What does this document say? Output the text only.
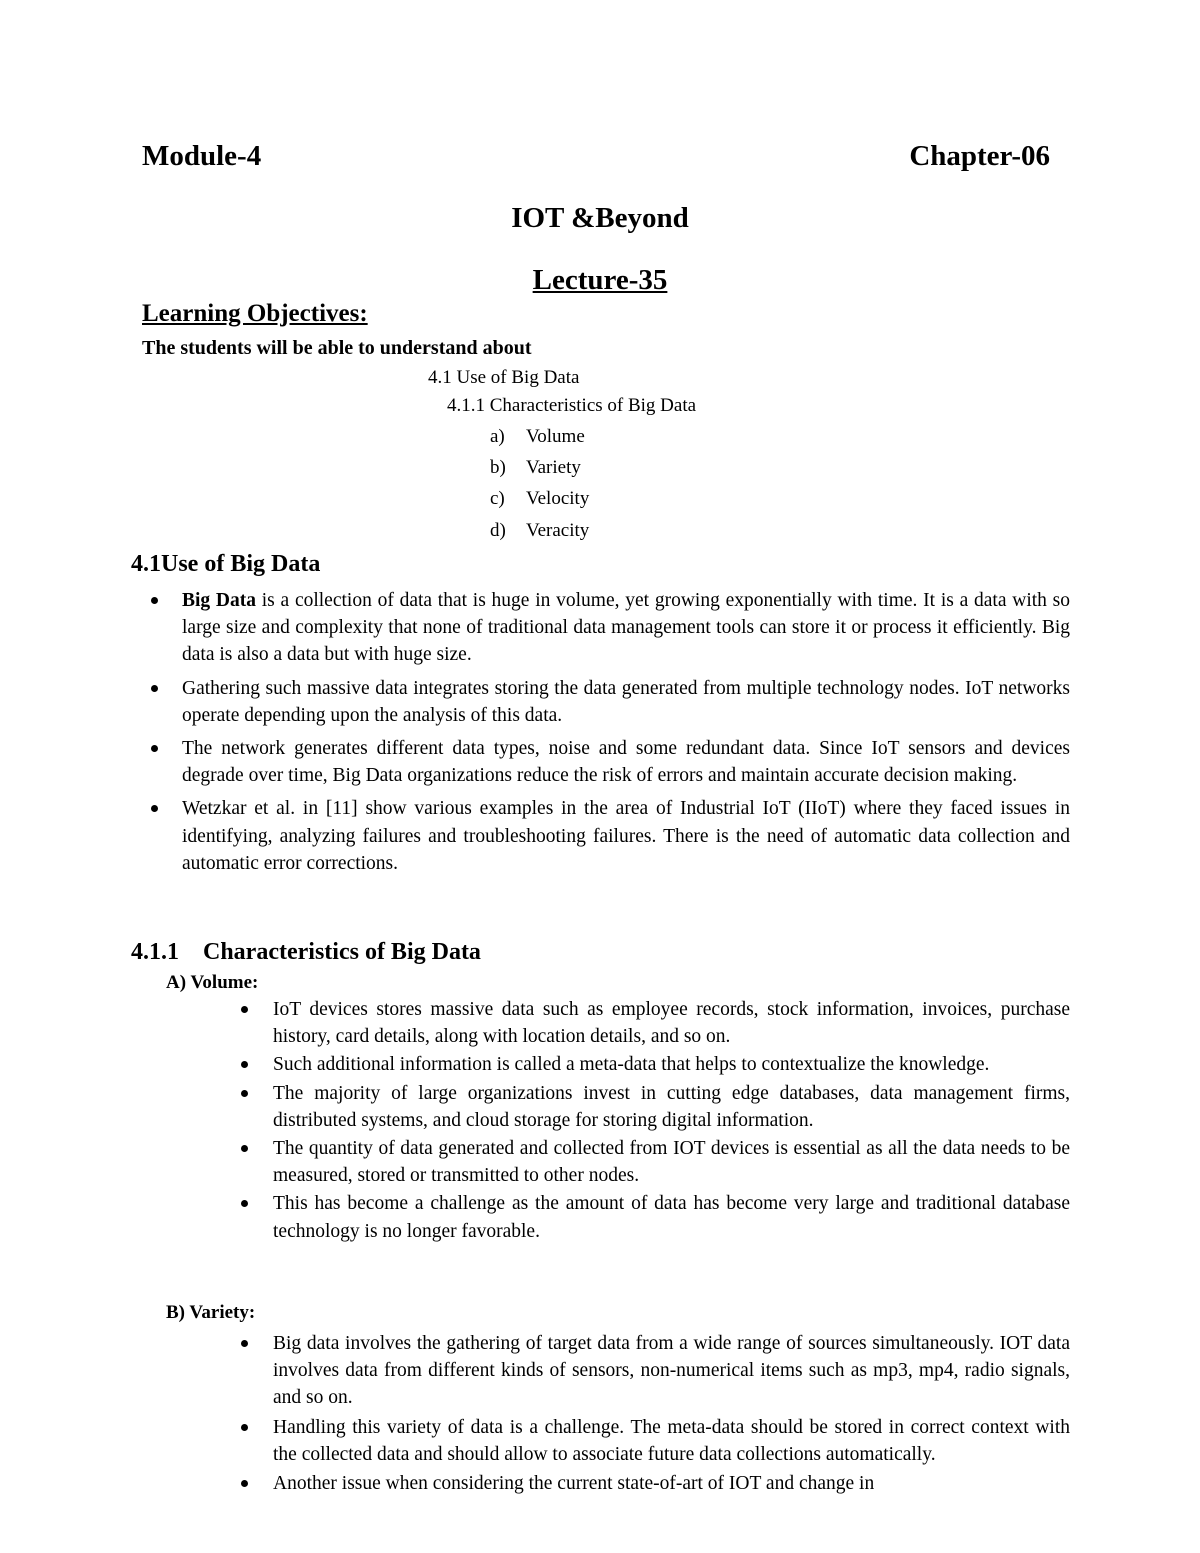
Module-4	Chapter-06
IOT &Beyond
Lecture-35
Learning Objectives:
The students will be able to understand about
4.1 Use of Big Data
4.1.1 Characteristics of Big Data
a) Volume
b) Variety
c) Velocity
d) Veracity
4.1Use of Big Data
Big Data is a collection of data that is huge in volume, yet growing exponentially with time. It is a data with so large size and complexity that none of traditional data management tools can store it or process it efficiently. Big data is also a data but with huge size.
Gathering such massive data integrates storing the data generated from multiple technology nodes. IoT networks operate depending upon the analysis of this data.
The network generates different data types, noise and some redundant data. Since IoT sensors and devices degrade over time, Big Data organizations reduce the risk of errors and maintain accurate decision making.
Wetzkar et al. in [11] show various examples in the area of Industrial IoT (IIoT) where they faced issues in identifying, analyzing failures and troubleshooting failures. There is the need of automatic data collection and automatic error corrections.
4.1.1 Characteristics of Big Data
A) Volume:
IoT devices stores massive data such as employee records, stock information, invoices, purchase history, card details, along with location details, and so on.
Such additional information is called a meta-data that helps to contextualize the knowledge.
The majority of large organizations invest in cutting edge databases, data management firms, distributed systems, and cloud storage for storing digital information.
The quantity of data generated and collected from IOT devices is essential as all the data needs to be measured, stored or transmitted to other nodes.
This has become a challenge as the amount of data has become very large and traditional database technology is no longer favorable.
B) Variety:
Big data involves the gathering of target data from a wide range of sources simultaneously. IOT data involves data from different kinds of sensors, non-numerical items such as mp3, mp4, radio signals, and so on.
Handling this variety of data is a challenge. The meta-data should be stored in correct context with the collected data and should allow to associate future data collections automatically.
Another issue when considering the current state-of-art of IOT and change in
